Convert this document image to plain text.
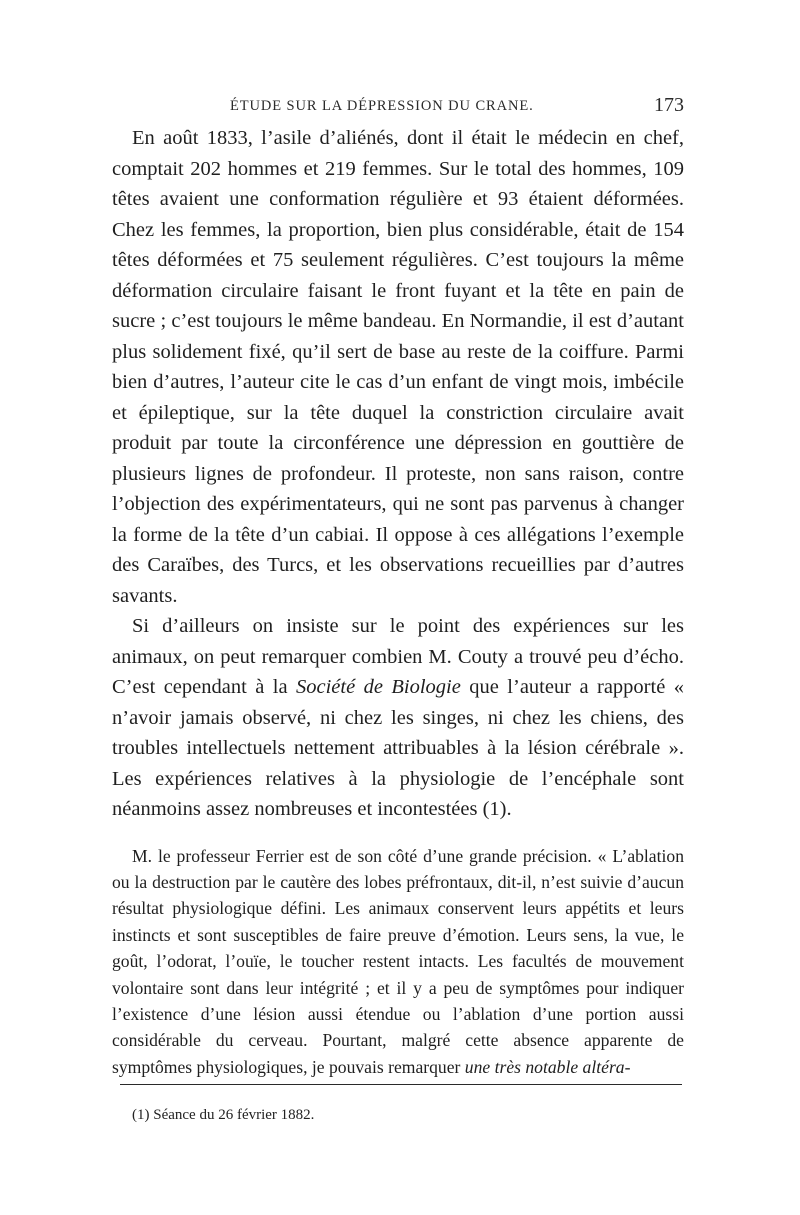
ÉTUDE SUR LA DÉPRESSION DU CRANE.	173

En août 1833, l’asile d’aliénés, dont il était le médecin en chef, comptait 202 hommes et 219 femmes. Sur le total des hommes, 109 têtes avaient une conformation régulière et 93 étaient déformées. Chez les femmes, la proportion, bien plus considérable, était de 154 têtes déformées et 75 seulement régulières. C’est toujours la même déformation circulaire faisant le front fuyant et la tête en pain de sucre ; c’est toujours le même bandeau. En Normandie, il est d’autant plus solidement fixé, qu’il sert de base au reste de la coiffure. Parmi bien d’autres, l’auteur cite le cas d’un enfant de vingt mois, imbécile et épileptique, sur la tête duquel la constriction circulaire avait produit par toute la circonférence une dépression en gouttière de plusieurs lignes de profondeur. Il proteste, non sans raison, contre l’objection des expérimentateurs, qui ne sont pas parvenus à changer la forme de la tête d’un cabiai. Il oppose à ces allégations l’exemple des Caraïbes, des Turcs, et les observations recueillies par d’autres savants.

Si d’ailleurs on insiste sur le point des expériences sur les animaux, on peut remarquer combien M. Couty a trouvé peu d’écho. C’est cependant à la Société de Biologie que l’auteur a rapporté « n’avoir jamais observé, ni chez les singes, ni chez les chiens, des troubles intellectuels nettement attribuables à la lésion cérébrale ». Les expériences relatives à la physiologie de l’encéphale sont néanmoins assez nombreuses et incontestées (1).

M. le professeur Ferrier est de son côté d’une grande précision. « L’ablation ou la destruction par le cautère des lobes préfrontaux, dit-il, n’est suivie d’aucun résultat physiologique défini. Les animaux conservent leurs appétits et leurs instincts et sont susceptibles de faire preuve d’émotion. Leurs sens, la vue, le goût, l’odorat, l’ouïe, le toucher restent intacts. Les facultés de mouvement volontaire sont dans leur intégrité ; et il y a peu de symptômes pour indiquer l’existence d’une lésion aussi étendue ou l’ablation d’une portion aussi considérable du cerveau. Pourtant, malgré cette absence apparente de symptômes physiologiques, je pouvais remarquer une très notable altéra-

(1) Séance du 26 février 1882.
